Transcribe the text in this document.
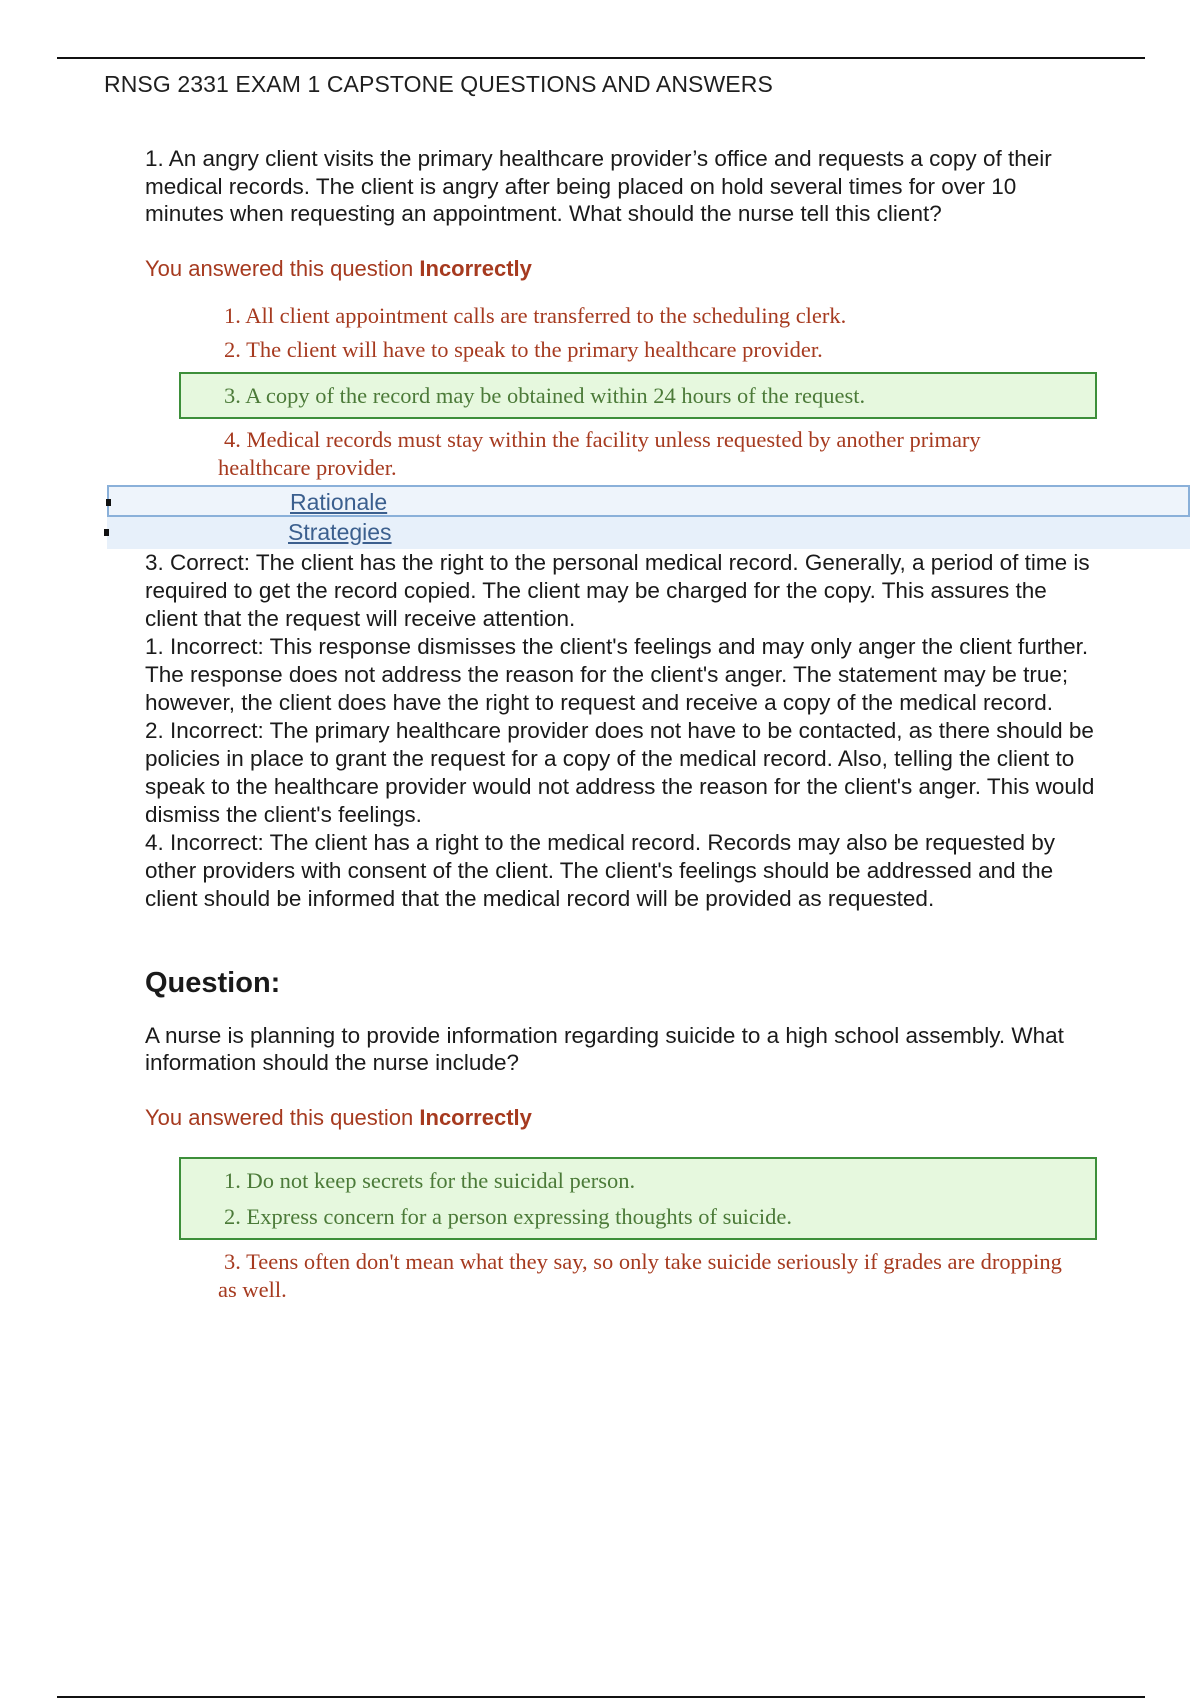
RNSG 2331 EXAM 1 CAPSTONE QUESTIONS AND ANSWERS

1. An angry client visits the primary healthcare provider’s office and requests a copy of their medical records. The client is angry after being placed on hold several times for over 10 minutes when requesting an appointment. What should the nurse tell this client?

You answered this question Incorrectly

1. All client appointment calls are transferred to the scheduling clerk.
2. The client will have to speak to the primary healthcare provider.
3. A copy of the record may be obtained within 24 hours of the request.
4. Medical records must stay within the facility unless requested by another primary healthcare provider.
Rationale
Strategies

3. Correct: The client has the right to the personal medical record. Generally, a period of time is required to get the record copied. The client may be charged for the copy. This assures the client that the request will receive attention.

1. Incorrect: This response dismisses the client's feelings and may only anger the client further. The response does not address the reason for the client's anger. The statement may be true; however, the client does have the right to request and receive a copy of the medical record.

2. Incorrect: The primary healthcare provider does not have to be contacted, as there should be policies in place to grant the request for a copy of the medical record. Also, telling the client to speak to the healthcare provider would not address the reason for the client's anger. This would dismiss the client's feelings.

4. Incorrect: The client has a right to the medical record. Records may also be requested by other providers with consent of the client. The client's feelings should be addressed and the client should be informed that the medical record will be provided as requested.

Question:

A nurse is planning to provide information regarding suicide to a high school assembly. What information should the nurse include?

You answered this question Incorrectly

1. Do not keep secrets for the suicidal person.
2. Express concern for a person expressing thoughts of suicide.
3. Teens often don't mean what they say, so only take suicide seriously if grades are dropping as well.
